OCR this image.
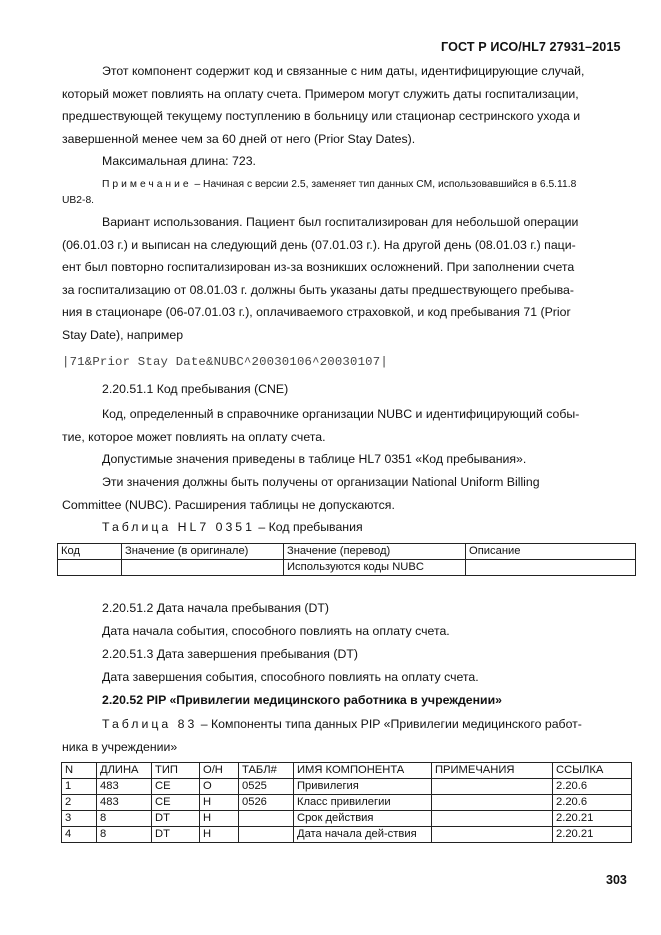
ГОСТ Р ИСО/HL7 27931–2015
Этот компонент содержит код и связанные с ним даты, идентифицирующие случай,
который может повлиять на оплату счета. Примером могут служить даты госпитализации,
предшествующей текущему поступлению в больницу или стационар сестринского ухода и
завершенной менее чем за 60 дней от него (Prior Stay Dates).
Максимальная длина: 723.
Примечание – Начиная с версии 2.5, заменяет тип данных CM, использовавшийся в 6.5.11.8
UB2-8.
Вариант использования. Пациент был госпитализирован для небольшой операции
(06.01.03 г.) и выписан на следующий день (07.01.03 г.). На другой день (08.01.03 г.) паци-
ент был повторно госпитализирован из-за возникших осложнений. При заполнении счета
за госпитализацию от 08.01.03 г. должны быть указаны даты предшествующего пребыва-
ния в стационаре (06-07.01.03 г.), оплачиваемого страховкой, и код пребывания 71 (Prior
Stay Date), например
|71&Prior Stay Date&NUBC^20030106^20030107|
2.20.51.1 Код пребывания (CNE)
Код, определенный в справочнике организации NUBC и идентифицирующий собы-
тие, которое может повлиять на оплату счета.
Допустимые значения приведены в таблице HL7 0351 «Код пребывания».
Эти значения должны быть получены от организации National Uniform Billing
Committee (NUBC). Расширения таблицы не допускаются.
Таблица HL7 0351 – Код пребывания
Код	Значение (в оригинале)	Значение (перевод)	Описание
		Используются коды NUBC	
2.20.51.2 Дата начала пребывания (DT)
Дата начала события, способного повлиять на оплату счета.
2.20.51.3 Дата завершения пребывания (DT)
Дата завершения события, способного повлиять на оплату счета.
2.20.52 PIP «Привилегии медицинского работника в учреждении»
Таблица 83 – Компоненты типа данных PIP «Привилегии медицинского работ-
ника в учреждении»
N	ДЛИНА	ТИП	О/Н	ТАБЛ#	ИМЯ КОМПОНЕНТА	ПРИМЕЧАНИЯ	ССЫЛКА
1	483	CE	O	0525	Привилегия		2.20.6
2	483	CE	Н	0526	Класс привилегии		2.20.6
3	8	DT	Н		Срок действия		2.20.21
4	8	DT	Н		Дата начала дей-ствия		2.20.21
303
